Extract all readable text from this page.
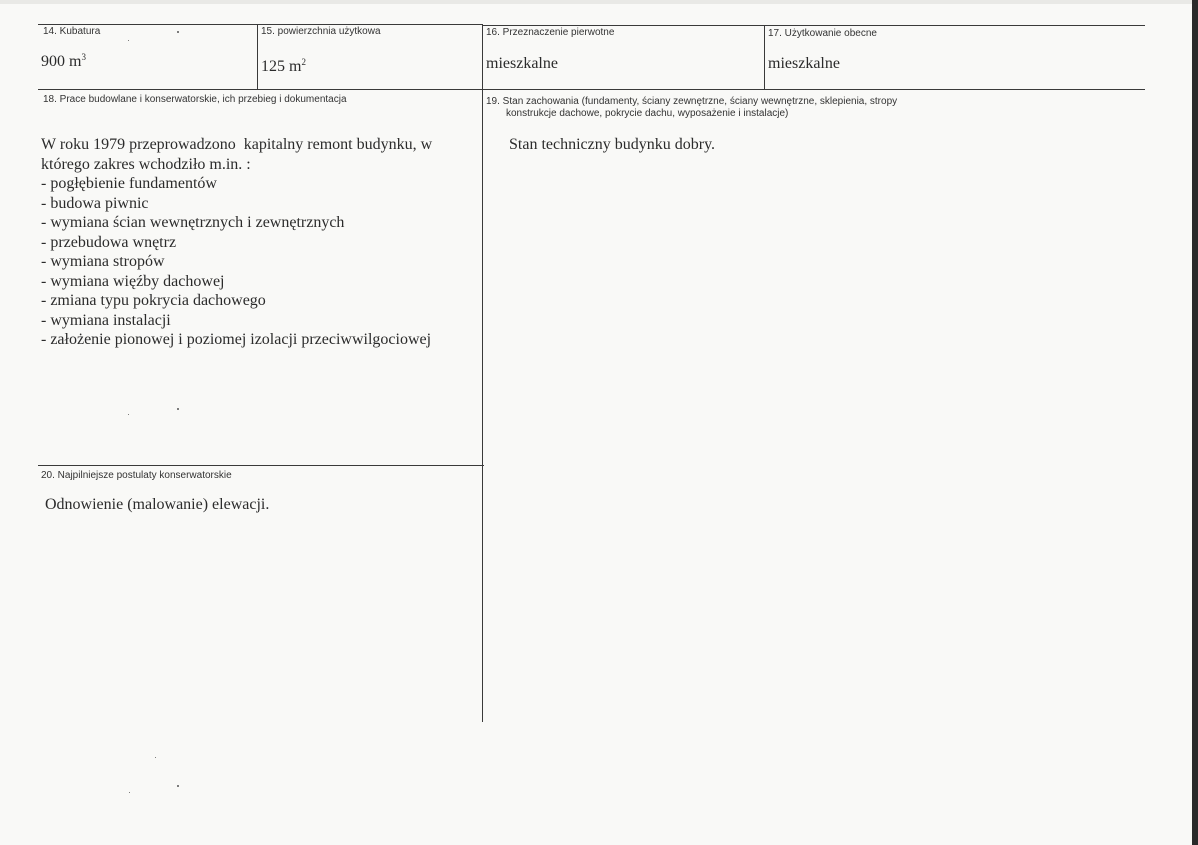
14. Kubatura
900 $m^3$
15. powierzchnia użytkowa
125 $m^2$
16. Przeznaczenie pierwotne
mieszkalne
17. Użytkowanie obecne
mieszkalne
18. Prace budowlane i konserwatorskie, ich przebieg i dokumentacja
W roku 1979 przeprowadzono  kapitalny remont budynku, w
którego zakres wchodziło m.in. :
- pogłębienie fundamentów
- budowa piwnic
- wymiana ścian wewnętrznych i zewnętrznych
- przebudowa wnętrz
- wymiana stropów
- wymiana więźby dachowej
- zmiana typu pokrycia dachowego
- wymiana instalacji
- założenie pionowej i poziomej izolacji przeciwwilgociowej
19. Stan zachowania (fundamenty, ściany zewnętrzne, ściany wewnętrzne, sklepienia, stropy
konstrukcje dachowe, pokrycie dachu, wyposażenie i instalacje)
Stan techniczny budynku dobry.
20. Najpilniejsze postulaty konserwatorskie
Odnowienie (malowanie) elewacji.
